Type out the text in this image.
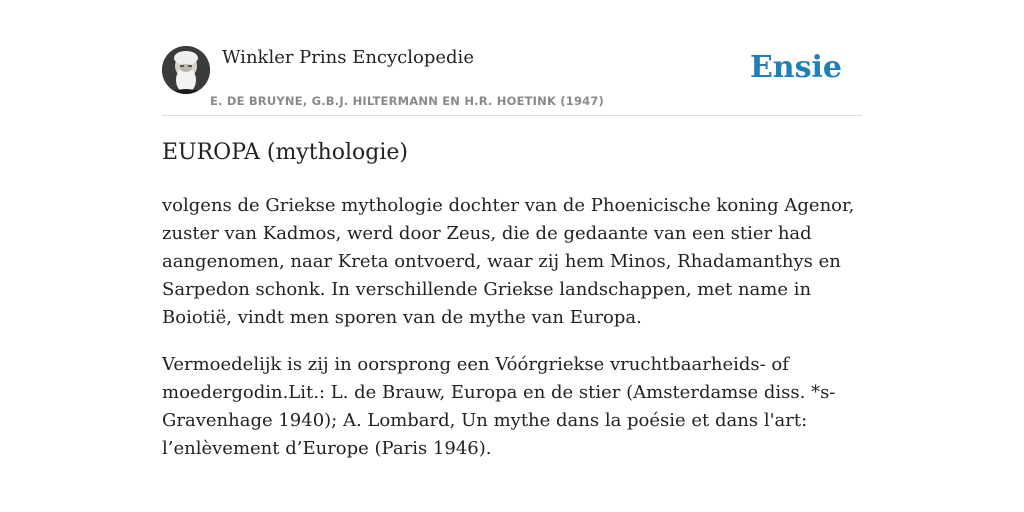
Winkler Prins Encyclopedie
E. DE BRUYNE, G.B.J. HILTERMANN EN H.R. HOETINK (1947)
Ensie
EUROPA (mythologie)

volgens de Griekse mythologie dochter van de Phoenicische koning Agenor, zuster van Kadmos, werd door Zeus, die de gedaante van een stier had aangenomen, naar Kreta ontvoerd, waar zij hem Minos, Rhadamanthys en Sarpedon schonk. In verschillende Griekse landschappen, met name in Boiotië, vindt men sporen van de mythe van Europa.

Vermoedelijk is zij in oorsprong een Vóórgriekse vruchtbaarheids- of moedergodin.Lit.: L. de Brauw, Europa en de stier (Amsterdamse diss. *s-Gravenhage 1940); A. Lombard, Un mythe dans la poésie et dans l'art: l’enlèvement d’Europe (Paris 1946).
